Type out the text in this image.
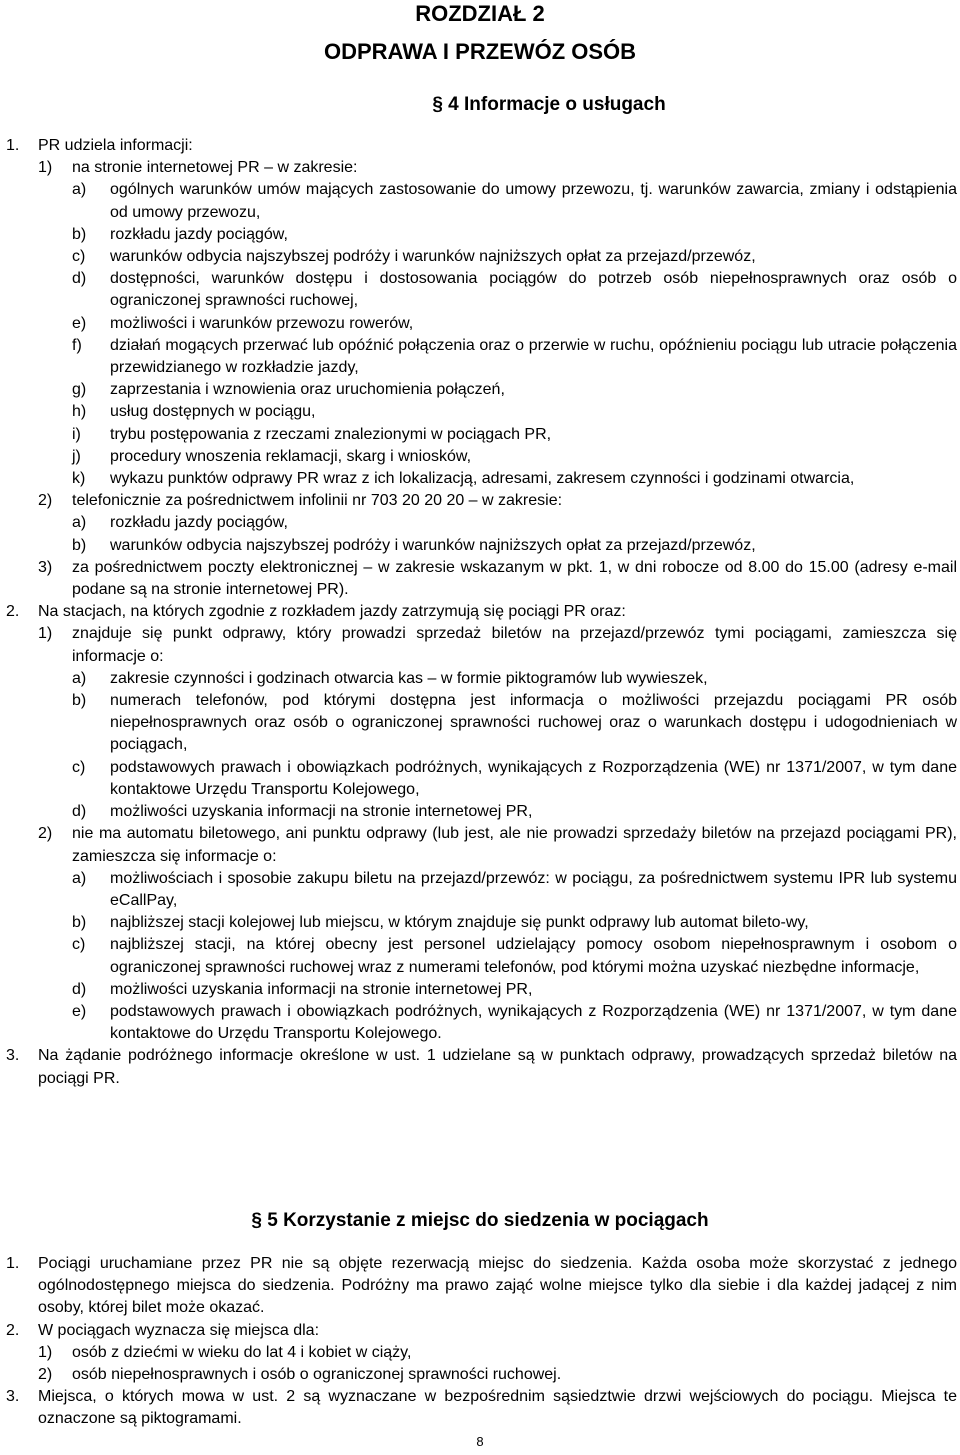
ROZDZIAŁ 2
ODPRAWA I PRZEWÓZ OSÓB
§ 4 Informacje o usługach
1. PR udziela informacji:
1) na stronie internetowej PR – w zakresie:
a) ogólnych warunków umów mających zastosowanie do umowy przewozu, tj. warunków zawarcia, zmiany i odstąpienia od umowy przewozu,
b) rozkładu jazdy pociągów,
c) warunków odbycia najszybszej podróży i warunków najniższych opłat za przejazd/przewóz,
d) dostępności, warunków dostępu i dostosowania pociągów do potrzeb osób niepełnosprawnych oraz osób o ograniczonej sprawności ruchowej,
e) możliwości i warunków przewozu rowerów,
f) działań mogących przerwać lub opóźnić połączenia oraz o przerwie w ruchu, opóźnieniu pociągu lub utracie połączenia przewidzianego w rozkładzie jazdy,
g) zaprzestania i wznowienia oraz uruchomienia połączeń,
h) usług dostępnych w pociągu,
i) trybu postępowania z rzeczami znalezionymi w pociągach PR,
j) procedury wnoszenia reklamacji, skarg i wniosków,
k) wykazu punktów odprawy PR wraz z ich lokalizacją, adresami, zakresem czynności i godzinami otwarcia,
2) telefonicznie za pośrednictwem infolinii nr 703 20 20 20 – w zakresie:
a) rozkładu jazdy pociągów,
b) warunków odbycia najszybszej podróży i warunków najniższych opłat za przejazd/przewóz,
3) za pośrednictwem poczty elektronicznej – w zakresie wskazanym w pkt. 1, w dni robocze od 8.00 do 15.00 (adresy e-mail podane są na stronie internetowej PR).
2. Na stacjach, na których zgodnie z rozkładem jazdy zatrzymują się pociągi PR oraz:
1) znajduje się punkt odprawy, który prowadzi sprzedaż biletów na przejazd/przewóz tymi pociągami, zamieszcza się informacje o:
a) zakresie czynności i godzinach otwarcia kas – w formie piktogramów lub wywieszek,
b) numerach telefonów, pod którymi dostępna jest informacja o możliwości przejazdu pociągami PR osób niepełnosprawnych oraz osób o ograniczonej sprawności ruchowej oraz o warunkach dostępu i udogodnieniach w pociągach,
c) podstawowych prawach i obowiązkach podróżnych, wynikających z Rozporządzenia (WE) nr 1371/2007, w tym dane kontaktowe Urzędu Transportu Kolejowego,
d) możliwości uzyskania informacji na stronie internetowej PR,
2) nie ma automatu biletowego, ani punktu odprawy (lub jest, ale nie prowadzi sprzedaży biletów na przejazd pociągami PR), zamieszcza się informacje o:
a) możliwościach i sposobie zakupu biletu na przejazd/przewóz: w pociągu, za pośrednictwem systemu IPR lub systemu eCallPay,
b) najbliższej stacji kolejowej lub miejscu, w którym znajduje się punkt odprawy lub automat bileto-wy,
c) najbliższej stacji, na której obecny jest personel udzielający pomocy osobom niepełnosprawnym i osobom o ograniczonej sprawności ruchowej wraz z numerami telefonów, pod którymi można uzyskać niezbędne informacje,
d) możliwości uzyskania informacji na stronie internetowej PR,
e) podstawowych prawach i obowiązkach podróżnych, wynikających z Rozporządzenia (WE) nr 1371/2007, w tym dane kontaktowe do Urzędu Transportu Kolejowego.
3. Na żądanie podróżnego informacje określone w ust. 1 udzielane są w punktach odprawy, prowadzących sprzedaż biletów na pociągi PR.
§ 5 Korzystanie z miejsc do siedzenia w pociągach
1. Pociągi uruchamiane przez PR nie są objęte rezerwacją miejsc do siedzenia. Każda osoba może skorzystać z jednego ogólnodostępnego miejsca do siedzenia. Podróżny ma prawo zająć wolne miejsce tylko dla siebie i dla każdej jadącej z nim osoby, której bilet może okazać.
2. W pociągach wyznacza się miejsca dla:
1) osób z dziećmi w wieku do lat 4 i kobiet w ciąży,
2) osób niepełnosprawnych i osób o ograniczonej sprawności ruchowej.
3. Miejsca, o których mowa w ust. 2 są wyznaczane w bezpośrednim sąsiedztwie drzwi wejściowych do pociągu. Miejsca te oznaczone są piktogramami.
8
